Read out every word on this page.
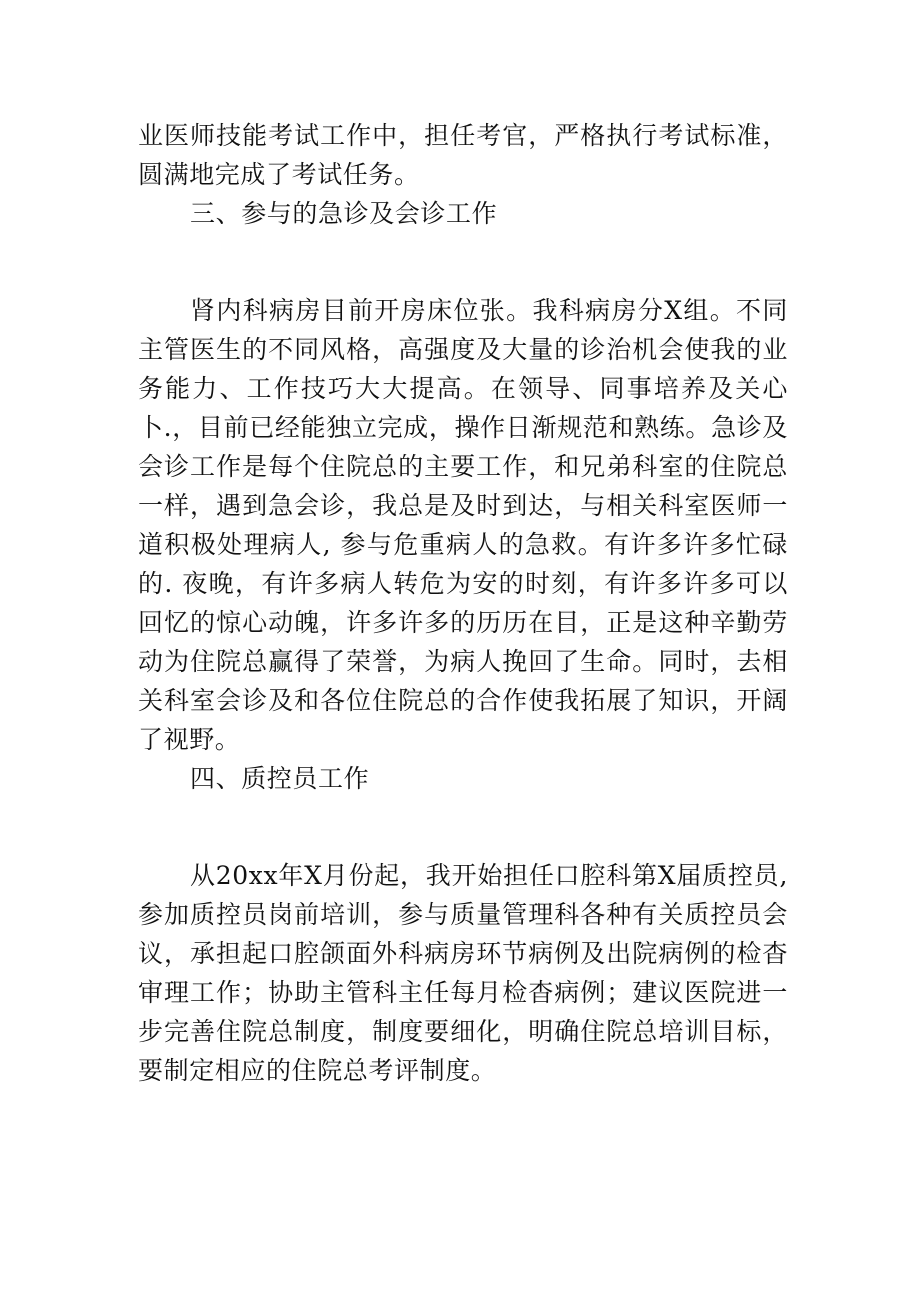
业医师技能考试工作中，担任考官，严格执行考试标准，圆满地完成了考试任务。

三、参与的急诊及会诊工作

肾内科病房目前开房床位张。我科病房分X组。不同主管医生的不同风格，高强度及大量的诊治机会使我的业务能力、工作技巧大大提高。在领导、同事培养及关心卜.，目前已经能独立完成，操作日渐规范和熟练。急诊及会诊工作是每个住院总的主要工作，和兄弟科室的住院总一样，遇到急会诊，我总是及时到达，与相关科室医师一道积极处理病人, 参与危重病人的急救。有许多许多忙碌的. 夜晚，有许多病人转危为安的时刻，有许多许多可以回忆的惊心动魄，许多许多的历历在目，正是这种辛勤劳动为住院总赢得了荣誉，为病人挽回了生命。同时，去相关科室会诊及和各位住院总的合作使我拓展了知识，开阔了视野。

四、质控员工作

从20xx年X月份起，我开始担任口腔科第X届质控员, 参加质控员岗前培训，参与质量管理科各种有关质控员会议，承担起口腔颌面外科病房环节病例及出院病例的检杳审理工作；协助主管科主任每月检杳病例；建议医院进一步完善住院总制度，制度要细化，明确住院总培训目标，要制定相应的住院总考评制度。
